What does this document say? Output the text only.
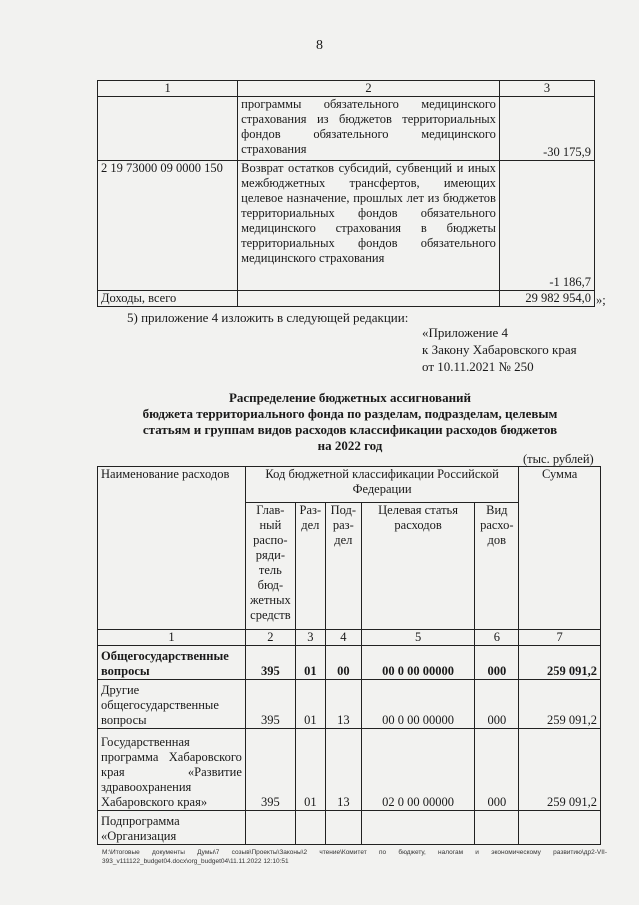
8
1	2	3
	программы обязательного медицинского страхования из бюджетов территориальных фондов обязательного медицинского страхования	-30 175,9
2 19 73000 09 0000 150	Возврат остатков субсидий, субвенций и иных межбюджетных трансфертов, имеющих целевое назначение, прошлых лет из бюджетов территориальных фондов обязательного медицинского страхования в бюджеты территориальных фондов обязательного медицинского страхования	-1 186,7
Доходы, всего		29 982 954,0 »;
5) приложение 4 изложить в следующей редакции:
«Приложение 4
к Закону Хабаровского края
от 10.11.2021 № 250
Распределение бюджетных ассигнований
бюджета территориального фонда по разделам, подразделам, целевым
статьям и группам видов расходов классификации расходов бюджетов
на 2022 год
(тыс. рублей)
Наименование расходов	Код бюджетной классификации Российской Федерации					Сумма
	Глав-ный распо-ряди-тель бюд-жетных средств	Раз-дел	Под-раз-дел	Целевая статья расходов	Вид расхо-дов	
1	2	3	4	5	6	7
Общегосударственные вопросы	395	01	00	00 0 00 00000	000	259 091,2
Другие общегосударственные вопросы	395	01	13	00 0 00 00000	000	259 091,2
Государственная программа Хабаровского края «Развитие здравоохранения Хабаровского края»	395	01	13	02 0 00 00000	000	259 091,2
Подпрограмма «Организация						
М:\Итоговые документы Думы\7 созыв\Проекты\Законы\2 чтение\Комитет по бюджету, налогам и экономическому развитию\др2-VII-393_v111122_budget04.docx\org_budget04\11.11.2022 12:10:51
